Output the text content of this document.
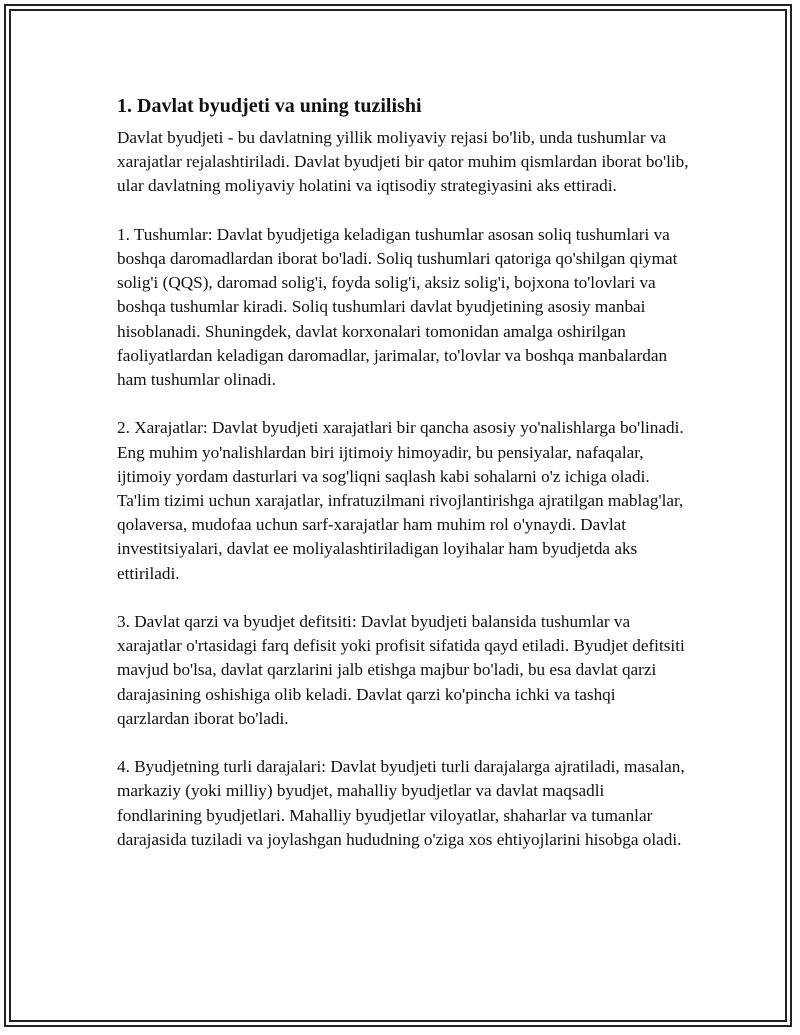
1. Davlat byudjeti va uning tuzilishi

Davlat byudjeti - bu davlatning yillik moliyaviy rejasi bo'lib, unda tushumlar va xarajatlar rejalashtiriladi. Davlat byudjeti bir qator muhim qismlardan iborat bo'lib, ular davlatning moliyaviy holatini va iqtisodiy strategiyasini aks ettiradi.

1. Tushumlar: Davlat byudjetiga keladigan tushumlar asosan soliq tushumlari va boshqa daromadlardan iborat bo'ladi. Soliq tushumlari qatoriga qo'shilgan qiymat solig'i (QQS), daromad solig'i, foyda solig'i, aksiz solig'i, bojxona to'lovlari va boshqa tushumlar kiradi. Soliq tushumlari davlat byudjetining asosiy manbai hisoblanadi. Shuningdek, davlat korxonalari tomonidan amalga oshirilgan faoliyatlardan keladigan daromadlar, jarimalar, to'lovlar va boshqa manbalardan ham tushumlar olinadi.

2. Xarajatlar: Davlat byudjeti xarajatlari bir qancha asosiy yo'nalishlarga bo'linadi. Eng muhim yo'nalishlardan biri ijtimoiy himoyadir, bu pensiyalar, nafaqalar, ijtimoiy yordam dasturlari va sog'liqni saqlash kabi sohalarni o'z ichiga oladi. Ta'lim tizimi uchun xarajatlar, infratuzilmani rivojlantirishga ajratilgan mablag'lar, qolaversa, mudofaa uchun sarf-xarajatlar ham muhim rol o'ynaydi. Davlat investitsiyalari, davlat ee moliyalashtiriladigan loyihalar ham byudjetda aks ettiriladi.

3. Davlat qarzi va byudjet defitsiti: Davlat byudjeti balansida tushumlar va xarajatlar o'rtasidagi farq defisit yoki profisit sifatida qayd etiladi. Byudjet defitsiti mavjud bo'lsa, davlat qarzlarini jalb etishga majbur bo'ladi, bu esa davlat qarzi darajasining oshishiga olib keladi. Davlat qarzi ko'pincha ichki va tashqi qarzlardan iborat bo'ladi.

4. Byudjetning turli darajalari: Davlat byudjeti turli darajalarga ajratiladi, masalan, markaziy (yoki milliy) byudjet, mahalliy byudjetlar va davlat maqsadli fondlarining byudjetlari. Mahalliy byudjetlar viloyatlar, shaharlar va tumanlar darajasida tuziladi va joylashgan hududning o'ziga xos ehtiyojlarini hisobga oladi.
